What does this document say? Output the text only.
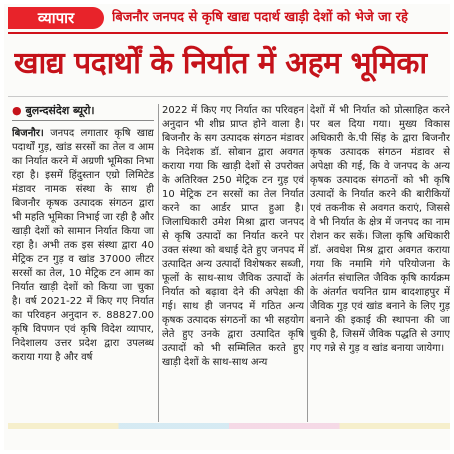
व्यापार	बिजनौर जनपद से कृषि खाद्य पदार्थ खाड़ी देशों को भेजे जा रहे
खाद्य पदार्थों के निर्यात में अहम भूमिका
● बुलन्दसंदेश ब्यूरो।
बिजनौर। जनपद लगातार कृषि खाद्य पदार्थों गुड़, खांड सरसों का तेल व आम का निर्यात करने में अग्रणी भूमिका निभा रहा है। इसमें हिंदुस्तान एग्रो लिमिटेड मंडावर नामक संस्था के साथ ही बिजनौर कृषक उत्पादक संगठन द्वारा भी महति भूमिका निभाई जा रही है और खाड़ी देशों को सामान निर्यात किया जा रहा है। अभी तक इस संस्था द्वारा 40 मेट्रिक टन गुड़ व खांड 37000 लीटर सरसों का तेल, 10 मेट्रिक टन आम का निर्यात खाड़ी देशों को किया जा चुका है। वर्ष 2021-22 में किए गए निर्यात का परिवहन अनुदान रु. 88827.00 कृषि विपणन एवं कृषि विदेश व्यापार, निदेशालय उत्तर प्रदेश द्वारा उपलब्ध कराया गया है और वर्ष
2022 में किए गए निर्यात का परिवहन अनुदान भी शीघ्र प्राप्त होने वाला है। बिजनौर के सग उत्पादक संगठन मंडावर के निदेशक डॉ. सोबान द्वारा अवगत कराया गया कि खाड़ी देशों से उपरोक्त के अतिरिक्त 250 मेट्रिक टन गुड़ एवं 10 मेट्रिक टन सरसों का तेल निर्यात करने का आर्डर प्राप्त हुआ है। जिलाधिकारी उमेश मिश्रा द्वारा जनपद से कृषि उत्पादों का निर्यात करने पर उक्त संस्था को बधाई देते हुए जनपद में उत्पादित अन्य उत्पादों विशेषकर सब्जी, फूलों के साथ-साथ जैविक उत्पादों के निर्यात को बढ़ावा देने की अपेक्षा की गई। साथ ही जनपद में गठित अन्य कृषक उत्पादक संगठनों का भी सहयोग लेते हुए उनके द्वारा उत्पादित कृषि उत्पादों को भी सम्मिलित करते हुए खाड़ी देशों के साथ-साथ अन्य
देशों में भी निर्यात को प्रोत्साहित करने पर बल दिया गया। मुख्य विकास अधिकारी के.पी सिंह के द्वारा बिजनौर कृषक उत्पादक संगठन मंडावर से अपेक्षा की गई, कि वे जनपद के अन्य कृषक उत्पादक संगठनों को भी कृषि उत्पादों के निर्यात करने की बारीकियों एवं तकनीक से अवगत कराएं, जिससे वे भी निर्यात के क्षेत्र में जनपद का नाम रोशन कर सकें। जिला कृषि अधिकारी डॉ. अवधेश मिश्र द्वारा अवगत कराया गया कि नमामि गंगे परियोजना के अंतर्गत संचालित जैविक कृषि कार्यक्रम के अंतर्गत चयनित ग्राम बादशाहपुर में जैविक गुड़ एवं खांड बनाने के लिए गुड़ बनाने की इकाई की स्थापना की जा चुकी है, जिसमें जैविक पद्धति से उगाए गए गन्ने से गुड़ व खांड बनाया जायेगा।
